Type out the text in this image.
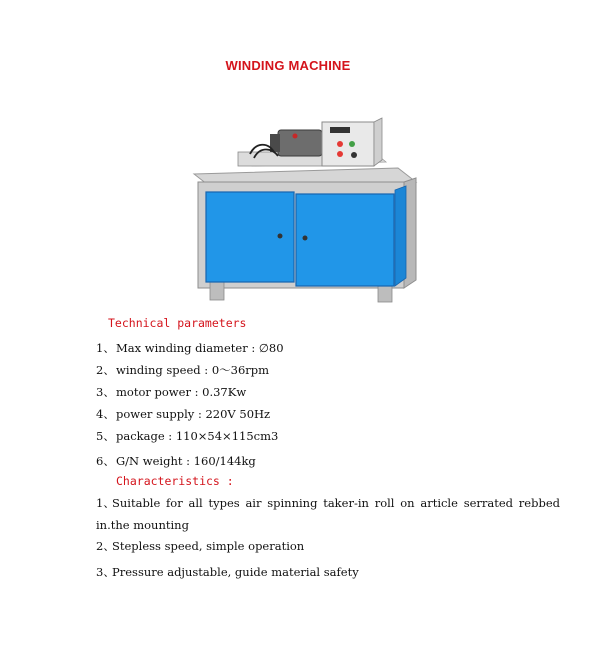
WINDING MACHINE
Technical parameters
1、Max winding diameter : ∅80
2、winding speed : 0～36rpm
3、motor power : 0.37Kw
4、power supply : 220V 50Hz
5、package : 110×54×115cm3
6、G/N weight : 160/144kg
Characteristics :
1、Suitable for all types air spinning taker-in roll on article serrated rebbed in.the mounting
2、Stepless speed, simple operation
3、Pressure adjustable, guide material safety
